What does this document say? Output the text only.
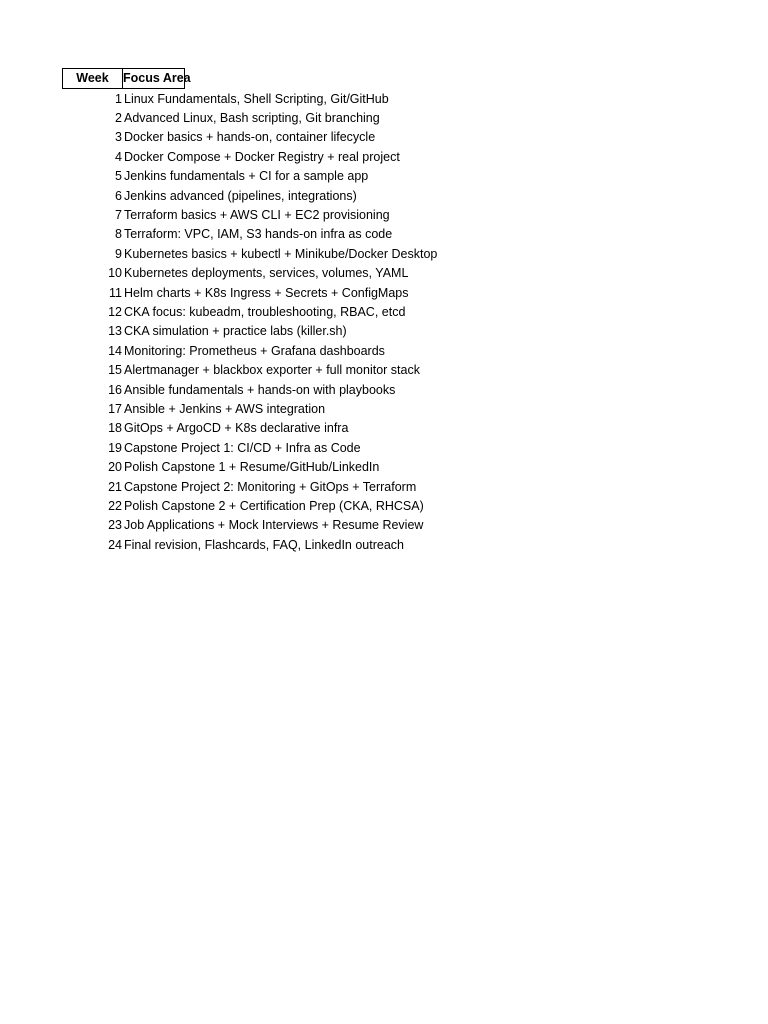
Week	Focus Area
1 Linux Fundamentals, Shell Scripting, Git/GitHub
2 Advanced Linux, Bash scripting, Git branching
3 Docker basics + hands-on, container lifecycle
4 Docker Compose + Docker Registry + real project
5 Jenkins fundamentals + CI for a sample app
6 Jenkins advanced (pipelines, integrations)
7 Terraform basics + AWS CLI + EC2 provisioning
8 Terraform: VPC, IAM, S3 hands-on infra as code
9 Kubernetes basics + kubectl + Minikube/Docker Desktop
10 Kubernetes deployments, services, volumes, YAML
11 Helm charts + K8s Ingress + Secrets + ConfigMaps
12 CKA focus: kubeadm, troubleshooting, RBAC, etcd
13 CKA simulation + practice labs (killer.sh)
14 Monitoring: Prometheus + Grafana dashboards
15 Alertmanager + blackbox exporter + full monitor stack
16 Ansible fundamentals + hands-on with playbooks
17 Ansible + Jenkins + AWS integration
18 GitOps + ArgoCD + K8s declarative infra
19 Capstone Project 1: CI/CD + Infra as Code
20 Polish Capstone 1 + Resume/GitHub/LinkedIn
21 Capstone Project 2: Monitoring + GitOps + Terraform
22 Polish Capstone 2 + Certification Prep (CKA, RHCSA)
23 Job Applications + Mock Interviews + Resume Review
24 Final revision, Flashcards, FAQ, LinkedIn outreach
